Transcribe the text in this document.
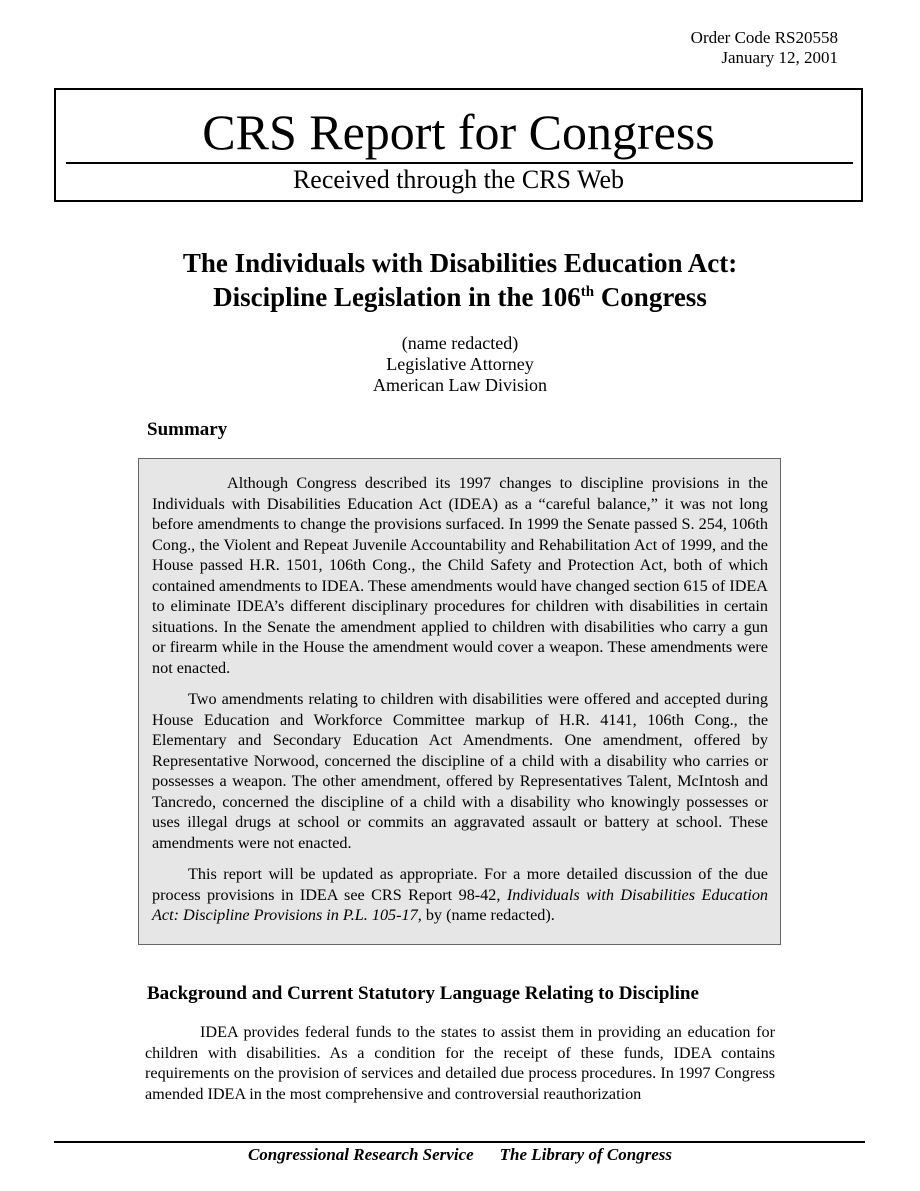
Order Code RS20558
January 12, 2001
CRS Report for Congress
Received through the CRS Web
The Individuals with Disabilities Education Act:
Discipline Legislation in the 106th Congress
(name redacted)
Legislative Attorney
American Law Division
Summary

Although Congress described its 1997 changes to discipline provisions in the Individuals with Disabilities Education Act (IDEA) as a “careful balance,” it was not long before amendments to change the provisions surfaced. In 1999 the Senate passed S. 254, 106th Cong., the Violent and Repeat Juvenile Accountability and Rehabilitation Act of 1999, and the House passed H.R. 1501, 106th Cong., the Child Safety and Protection Act, both of which contained amendments to IDEA. These amendments would have changed section 615 of IDEA to eliminate IDEA’s different disciplinary procedures for children with disabilities in certain situations. In the Senate the amendment applied to children with disabilities who carry a gun or firearm while in the House the amendment would cover a weapon. These amendments were not enacted.

Two amendments relating to children with disabilities were offered and accepted during House Education and Workforce Committee markup of H.R. 4141, 106th Cong., the Elementary and Secondary Education Act Amendments. One amendment, offered by Representative Norwood, concerned the discipline of a child with a disability who carries or possesses a weapon. The other amendment, offered by Representatives Talent, McIntosh and Tancredo, concerned the discipline of a child with a disability who knowingly possesses or uses illegal drugs at school or commits an aggravated assault or battery at school. These amendments were not enacted.

This report will be updated as appropriate. For a more detailed discussion of the due process provisions in IDEA see CRS Report 98-42, Individuals with Disabilities Education Act: Discipline Provisions in P.L. 105-17, by (name redacted).

Background and Current Statutory Language Relating to Discipline

IDEA provides federal funds to the states to assist them in providing an education for children with disabilities. As a condition for the receipt of these funds, IDEA contains requirements on the provision of services and detailed due process procedures. In 1997 Congress amended IDEA in the most comprehensive and controversial reauthorization

Congressional Research Service The Library of Congress
